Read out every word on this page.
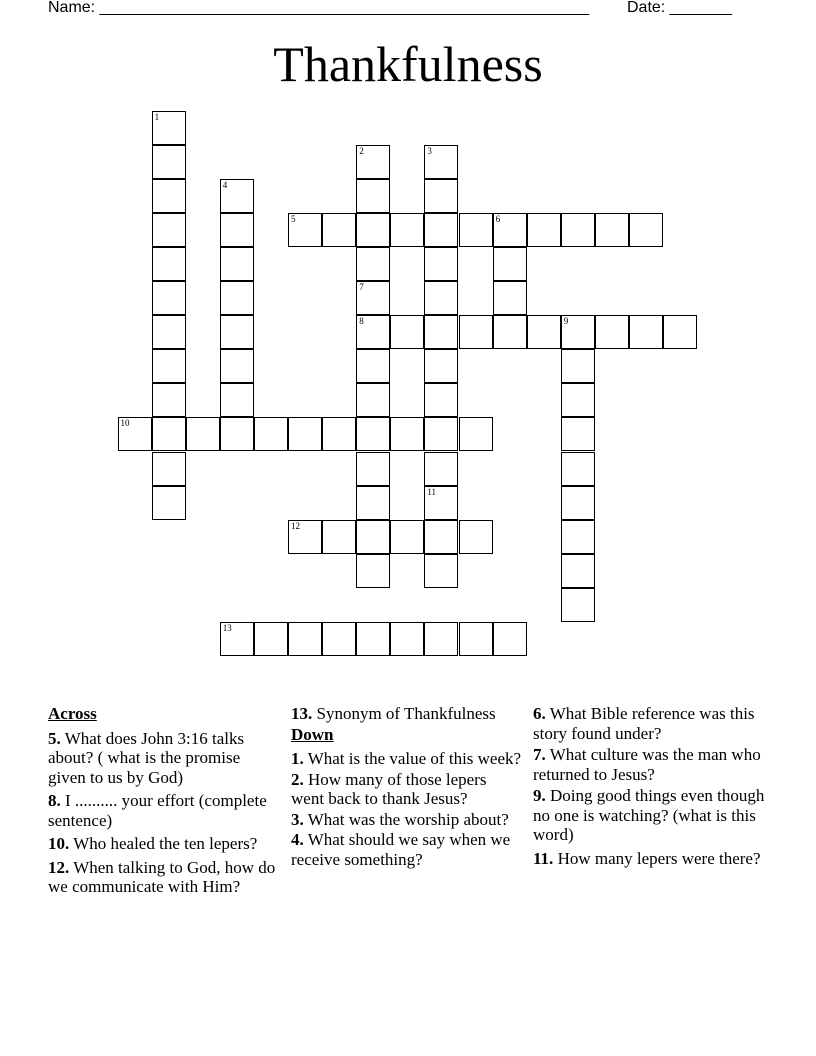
Name: _______________________________________________________ Date: _______
Thankfulness
1
2
7
8
3
4
6
9
11
5
10
12
13
Across
5. What does John 3:16 talks about? ( what is the promise given to us by God)
8. I .......... your effort (complete sentence)
10. Who healed the ten lepers?
12. When talking to God, how do we communicate with Him?
13. Synonym of Thankfulness
Down
1. What is the value of this week?
2. How many of those lepers went back to thank Jesus?
3. What was the worship about?
4. What should we say when we receive something?
6. What Bible reference was this story found under?
7. What culture was the man who returned to Jesus?
9. Doing good things even though no one is watching? (what is this word)
11. How many lepers were there?
